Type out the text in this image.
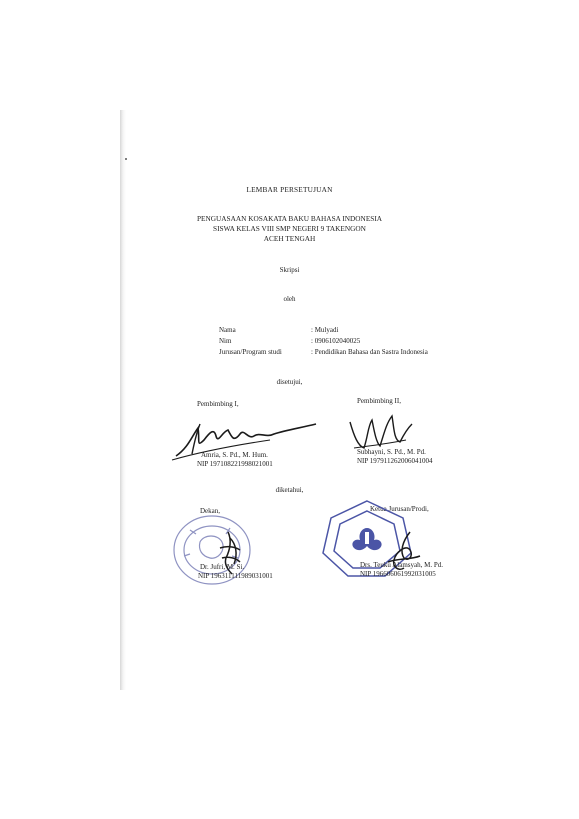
LEMBAR PERSETUJUAN
PENGUASAAN KOSAKATA BAKU BAHASA INDONESIA
SISWA KELAS VIII SMP NEGERI 9 TAKENGON
ACEH TENGAH
Skripsi
oleh
Nama	: Mulyadi
Nim	: 0906102040025
Jurusan/Program studi	: Pendidikan Bahasa dan Sastra Indonesia
disetujui,
Pembimbing I,	Pembimbing II,
Amria, S. Pd., M. Hum.
NIP 197108221998021001
Subhayni, S. Pd., M. Pd.
NIP 197911262006041004
diketahui,
Dekan,	Ketua Jurusan/Prodi,
Dr. Jufri, M. Si.
NIP 196311111989031001
Drs. Teuku Alamsyah, M. Pd.
NIP 196606061992031005
